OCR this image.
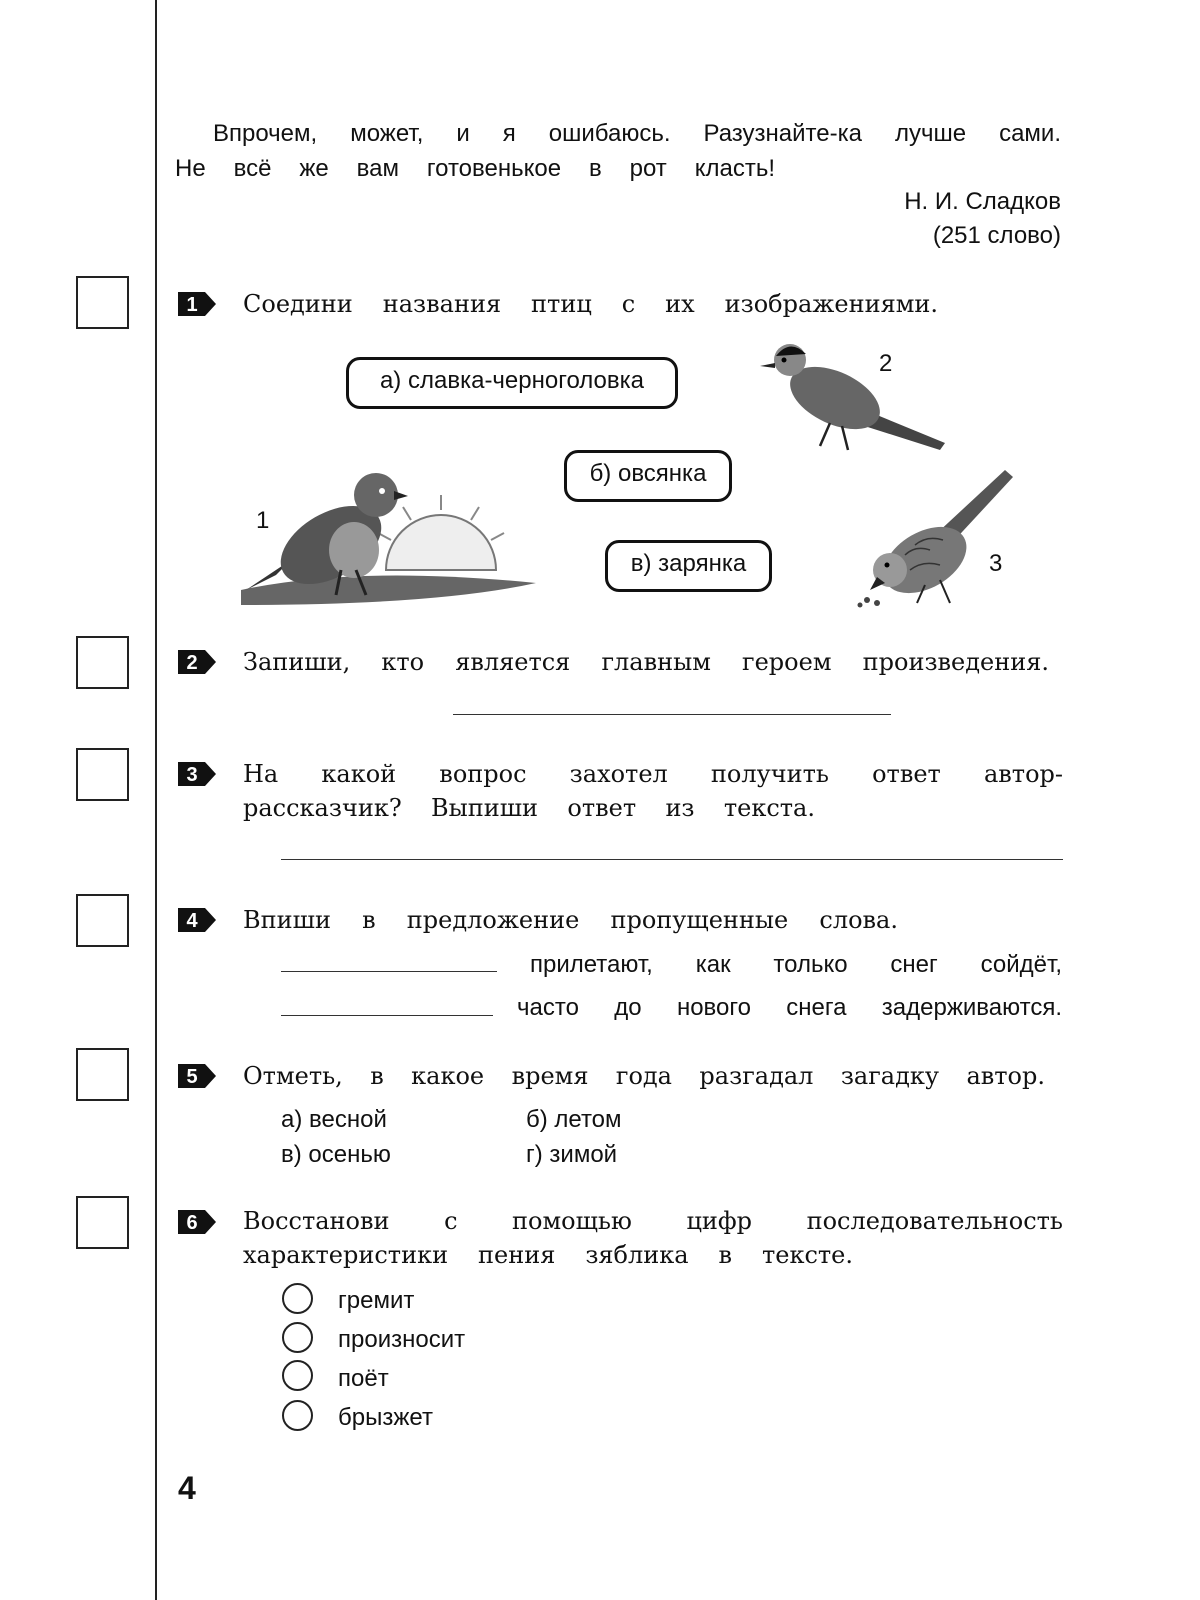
Впрочем, может, и я ошибаюсь. Разузнайте-ка лучше сами.
Не всё же вам готовенькое в рот класть!
Н. И. Сладков
(251 слово)
1 Соедини названия птиц с их изображениями.
а) славка-черноголовка
б) овсянка
в) зарянка
1
2
3
2 Запиши, кто является главным героем произведения.
3 На какой вопрос захотел получить ответ автор-
рассказчик? Выпиши ответ из текста.
4 Впиши в предложение пропущенные слова.
прилетают, как только снег сойдёт,
часто до нового снега задерживаются.
5 Отметь, в какое время года разгадал загадку автор.
а) весной	б) летом
в) осенью	г) зимой
6 Восстанови с помощью цифр последовательность
характеристики пения зяблика в тексте.
гремит
произносит
поёт
брызжет
4
